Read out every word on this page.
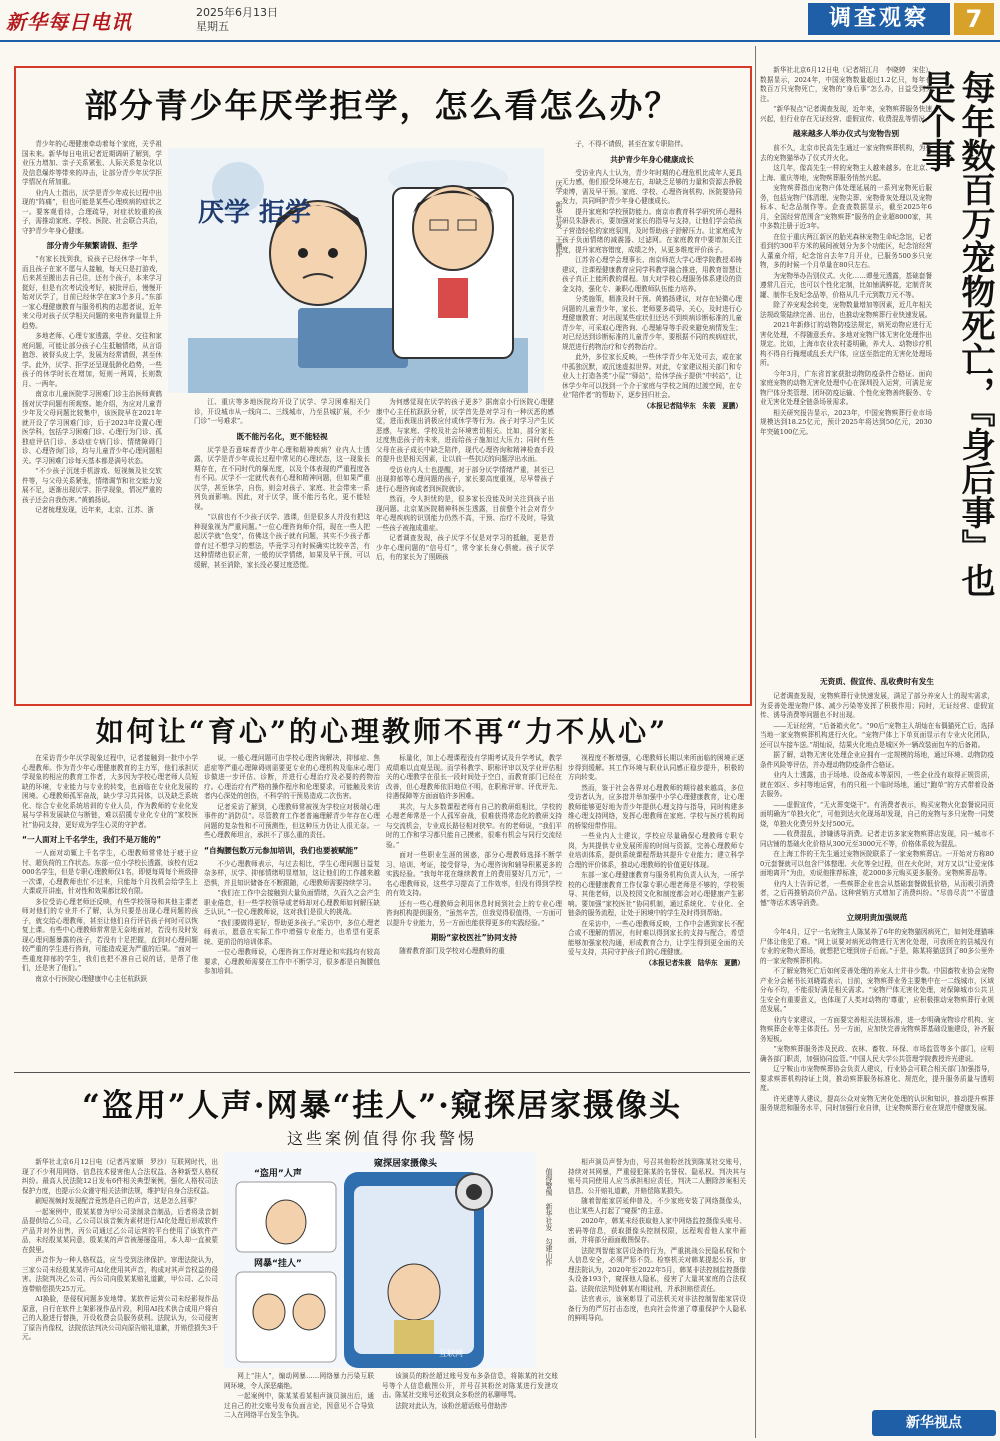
新华每日电讯	2025年6月13日
星期五	调查观察	7
部分青少年厌学拒学，怎么看怎么办？

青少年的心理健康牵动着每个家庭，关乎祖国未来。新华每日电讯记者近期调研了解到，学业压力增加、亲子关系紧张、人际关系复杂化以及信息爆炸等带来的冲击，让部分青少年厌学拒学情况有所加重。

业内人士指出，厌学是青少年成长过程中出现的“阵痛”，但也可能是某些心理疾病的症状之一。要客观看待，合理疏导，对症状较重的孩子，需推动家庭、学校、医院、社会联合共治，守护青少年身心健康。

部分青少年频繁请假、拒学

“有家长找到我，说孩子已经休学一年半，而且孩子在家不愿与人接触，每天只是打游戏，后来甚至搬出去自己住，还有个孩子，本来学习挺好，但是有次考试没考好，被批评后，慢慢开始对厌学了，目前已经休学在家3个多月。”东部一家心理健康教育与服务机构的志愿者说，近年来父母对孩子厌学相关问题的来电咨询量显上升趋势。

多地老师、心理专家透露，学业、交往和家庭问题，可能让部分孩子心生抵触情绪，从言语抱怨、被督头皮上学，发展为经常请假，甚至休学。此外，厌学、拒学还呈现低龄化趋势，一些孩子的休学时长在增加，短则一两周，长则数月、一两年。

南京市儿童医院学习困难门诊主治医师黄鹤扬对厌学问题有所观察。她介绍，为应对儿童青少年及父母问题比较集中，该医院早在2021年就开设了学习困难门诊，后于2023年设置心理医学科，包括学习困难门诊、心理行为门诊、孤独症评估门诊、多动症专病门诊、情绪障碍门诊、心理咨询门诊，均与儿童青少年心理问题相关。学习困难门诊每天基本都是满号状态。

“不少孩子沉迷手机游戏、短视频及社交软件等，与父母关系紧张，情绪调节和社交能力发展不足，逐渐出现厌学、拒学现象，情况严重的孩子还会自我伤害。”黄鹤扬说。

记者梳理发现，近年来，北京、江苏、浙

厌学 拒学	厌学　新华社发　王鹏作

江、重庆等多地医院均开设了厌学、学习困难相关门诊，开设城市从一线向二、三线城市，乃至县城扩展，不少门诊“一号难求”。

既不能污名化，更不能轻视

厌学是否意味着青少年心理和精神疾病？业内人士透露，厌学是青少年成长过程中常见的心理状态，这一现象长期存在，在不同时代的爆光度，以及个体表现的严重程度各有不同。厌学不一定就代表有心理和精神问题，但如果严重厌学，甚至休学，自伤，则会对孩子、家庭、社会带来一系列负面影响。因此，对于厌学，既不能污名化，更不能轻视。

“以前也有不少孩子厌学、逃课，但是很多人并没有把这种现象视为严重问题。”一位心理咨询师介绍，现在一些人把起厌学就“色变”，仿佛这个孩子就有问题，其实不少孩子都曾有过不想学习的想法，毕竟学习有时候确实比较辛苦，有这种情绪也很正常，一般的厌学情绪，如果及早干预，可以缓解，甚至消除，家长没必要过度恐慌。

为何感觉现在厌学的孩子更多？据南京小行医院心理健康中心主任杭跃跃分析，厌学首先是对学习有一种厌恶的感觉，进而表现出消极应付或休学等行为。孩子对学习产生厌恶感，与家庭、学校及社会环境密切相关。比如，部分家长过度焦虑孩子的未来，进而给孩子施加过大压力；同时有些父母在孩子成长中缺乏陪伴，现代心理咨询和精神检查手段的提升也是相关因素，让以前一些抗厌的问题浮出水面。

受访业内人士也提醒，对于部分厌学情绪严重，甚至已出现抑郁等心理问题的孩子，家长要高度重视，尽早带孩子进行心理咨询或者到医院就诊。

然而，令人担忧的是，很多家长没能及时关注到孩子出现问题。北京某医院精神科医生透露，目前整个社会对青少年心理疾病的识别能力仍然不高，干预、治疗不及时，导致一些孩子被拖成重症。

记者调查发现，孩子厌学不仅是对学习的抵触，更是青少年心理问题的“信号灯”，常令家长身心俱疲。孩子厌学后，有的家长为了照顾孩

子，不得不请假，甚至在家专职陪伴。

共护青少年身心健康成长

受访业内人士认为，青少年时期的心理危机比成年人更具无力感，他们很受环境左右，却缺乏足够的力量和资源去挣脱束缚，需及早干预。家庭、学校、心理咨询机构、医院要协同发力，共同呵护青少年身心健康成长。

提升家庭和学校预防能力。南京市教育科学研究所心理科研员朱静表示，要加强对家长的指导与支持，让他们学会给孩子营造轻松的家庭氛围，及时帮助孩子舒解压力。让家庭成为孩子负面情绪的减震器、过滤网。在家庭教育中要增加关注度，提升家庭容错度，成绩之外，从更多维度评价孩子。

江苏省心理学会理事长、南京师范大学心理学院教授邓铸建议，注课程健康教育应同学科教学融合推进，用教育智慧让孩子真正上能所教的课程。加大对学校心理服务体系建设的资金支持，强化专、兼职心理教师队伍能力培养。

分类施策，精准及时干预。黄鹤扬建议，对存在轻微心理问题的儿童青少年，家长、老师要多疏导、关心，及时进行心理健康教育；对出现某些症状但还达不到疾病诊断标准的儿童青少年，可采取心理咨询、心理辅导等手段来避免病情发生；对已经达到诊断标准的儿童青少年，要根据不同的疾病症状，规范进行药物治疗和专药物治疗。

此外，多位家长反映，一些休学青少年无处可去，或在家中孤独沉默，或沉迷虚拟世界。对此，专家建议相关部门和专业人士打造各类“小屋”“驿站”，给休学孩子提供“中转站”，让休学少年可以找到一个介于家庭与学校之间的过渡空间，在专业“陪伴者”的帮助下，逐步回归社会。

（本报记者陆华东　朱筱　夏鹏）
如何让“育心”的心理教师不再“力不从心”

在采访青少年厌学现象过程中，记者接触到一批中小学心理教师。作为青少年心理健康教育的主力军，他们承担厌学现象的相应的教育工作者，大多因为学校心理老师人员短缺的环境，专业能力与专业的转变，也面临在专业化发展的困境。心理教师孤军奋战，缺少学习共同体，以及缺乏系统化、综合专业化系统培训的专业人员，作为教师的专业化发展与学科发展缺位与断链，难以招揽专业化专业的“家校医社”协同支持，更好成为学生心灵的守护者。

“一人面对上千名学生，我们不是万能的”

一人面对动辄上千名学生，心理教师常常处于疲于应付、超负荷的工作状态。东部一位小学校长透露，该校有近2000名学生，但是专职心理教师仅1名，即便每周每个班级排一次课，心理教师也忙不过来，只能每个月找机会给学生上大课或开讲座，针对性和效果都比较有限。

多位受访心理老师还反映，有些学校领导和其他主课老师对他们的专业并不了解，认为只要是出现心理问题的孩子，就交给心理教师，甚至让他们自行评估孩子何时可以恢复上课。有些中心理教师常常是无奈地面对，若没有及时发现心理问题暴露的孩子，若没有十足把握，直到对心理问题较严重的学生进行咨询，可能造成更为严重的后果。“面对一些重度抑郁的学生，我们也把不准自己说的话，是帮了他们，还是害了他们。”

南京小行医院心理健康中心主任杭跃跃

说，一般心理问题可由学校心理咨询解决，抑郁症、焦虑症等严重心理障碍则需要更专业的心理机构及临床心理门诊做进一步评估、诊断，并进行心理治疗及必要的药物治疗。心理治疗有严格的操作程序和伦理要求，可能触及来访者内心深处的创伤，不科学的干预易造成二次伤害。

记者采访了解到，心理教师常被视为学校应对极端心理事件的“消防员”。尽管教育工作者普遍理解青少年存在心理问题的复杂性和不可预测性，但这种压力仍让人很无奈。一些心理教师坦言，承担不了那么重的责任。

“自掏腰包数万元参加培训，我们也要被赋能”

不少心理教师表示，与过去相比，学生心理问题日益复杂多样，厌学、抑郁情绪明显增加，这让他们的工作越来越恐惧，并且知识储备在不断跟随，心理教师需要持续学习。

“我们在工作中会接触到大量负面情绪，久而久之会产生职业倦怠，但一些学校领导或老师却对心理教师如何解压缺乏认识。”一位心理教师说，这对我们是很大的挑战。

“我们要做得更好，帮助更多孩子。”采访中，多位心理老师表示，愿意在实际工作中增强专业能力，也希望有更系统、更前沿的培训体系。

一位心理教师说，心理咨询工作对理论和实践均有较高要求，心理教师需要在工作中不断学习，很多都是自掏腰包参加培训。

标量化，加上心理课程没有学期考试及升学考试，教学成绩难以直观呈现。而学科教学、职称评审以及学业评估相关的心理教学在很长一段时间处于空白，而教育部门已经在改善，但心理教师依旧地位不明，在职称评审、评优评先、待遇保障等方面面临许多困难。

其次，与大多数课程老师有自己的教研组相比，学校的心理老师常是一个人孤军奋战，很难获得常态化的教研支持与交流机会，专业成长路径相对狭窄。有的老师说，“我们平时的工作和学习都只能自己摸索，很难有机会与同行交流经验。”

面对一些职业生涯的困惑，部分心理教师选择不断学习、培训、考证，接受督导，为心理咨询和辅导积累更多的实践经验。“我每年花在继续教育上的费用要好几万元”，一名心理教师说，这些学习提高了工作效率，但没有得到学校的有效支持。

还有一些心理教师会利用休息时间到社会上的专业心理咨询机构提供服务，“虽然辛苦，但我觉得很值得，一方面可以提升专业能力，另一方面也能获得更多的实践经验。”

期盼“家校医社”协同支持

随着教育部门及学校对心理教师的重

视程度不断增强，心理教师长期以来所面临的困境正逐步得到缓解。其工作环境与职业认同感正稳步提升，积极的方向转变。

然而，鉴于社会各界对心理教师的期待越来越高，多位受访者认为，应多措并举加强中小学心理健康教育，让心理教师能够更好地为青少年提供心理支持与指导，同时构建多维心理支持网络，发挥心理教师在家庭、学校与医疗机构间的桥梁纽带作用。

一些业内人士建议，学校应尽量确保心理教师专职专岗，为其提供专业发展所需的时间与资源，完善心理教师专业培训体系，提供系统课程帮助其提升专业能力；建立科学合理的评价体系，推动心理教师的价值更好体现。

东部一家心理健康教育与服务机构负责人认为，一所学校的心理健康教育工作仅靠专职心理老师是不够的，学校领导、其他老师，以及校园文化和制度都会对心理健康产生影响。要加强“家校医社”协同机制，通过系统化、专业化、全链条的服务流程，让处于困境中的学生及时得到帮助。

在采访中，一些心理教师反映，工作中会遇到家长不配合或不理解的情况，有时难以得到家长的支持与配合，希望能够加强家校沟通，形成教育合力，让学生得到更全面的关爱与支持，共同守护孩子们的心理健康。

（本报记者朱筱　陆华东　夏鹏）
“盗用”人声·网暴“挂人”·窥探居家摄像头
这些案例值得你我警惕

新华社北京6月12日电（记者冯家顺　罗沙）互联网时代，出现了不少利用网络、信息技术侵害他人合法权益、各种新型人格权纠纷。最高人民法院12日发布6件相关典型案例，强化人格权司法保护力度，也提示公众谨守相关法律法规，维护好自身合法权益。

刷短视频时发现配音竟然是自己的声音，这是怎么回事？

一起案例中，殷某某曾为甲公司录制录音制品，后者将录音制品提供给乙公司，乙公司以该音频为素材进行AI化处理后形成软件产品并对外出售，丙公司通过乙公司运营的平台使用了该软件产品，未经殷某某同意，殷某某的声音被屡屡盗用，本人却一直被蒙在鼓里。

声音作为一种人格权益，应当受到法律保护。审理法院认为，三家公司未经殷某某许可AI化使用其声音，构成对其声音权益的侵害。法院判决乙公司、丙公司向殷某某赔礼道歉，甲公司、乙公司连带赔偿损失25万元。

AI换脸，是侵权问题多发地带。某软件运营公司未经影视作品原意，自行在软件上架影视作品片段，利用AI技术供合成用户将自己的人脸进行替换，开设收费会员服务获利。法院认为，公司侵害了原告肖像权，法院依法判决公司向原告赔礼道歉，并赔偿损失3千元。

窥探居家摄像头
“盗用”人声
网暴“挂人”
互联网
值得警惕　新华社发　勾建山作

网上“挂人”，煽动网暴……网络暴力污染互联网环境，令人深恶痛绝。

一起案例中，陈某某看某相声演员演出后，通过自己的社交账号发布负面言论，因意见不合导致二人在网络平台发生争执。

该演员的粉丝超过账号发布多条信息，将陈某的社交账号等个人信息截图公开，并号召其粉丝对陈某进行发泄攻击。陈某社交账号还收到众多粉丝的私聊辱骂。

法院对此认为，该粉丝超话账号借助涉

相声演员声誉为由，号召其他粉丝找到陈某社交账号，持续对其网暴，严重侵犯陈某的名誉权、隐私权。判决其与账号共同使用人应当承担相应责任，判决二人删除涉案相关信息、公开赔礼道歉，并赔偿陈某损失。

随着智能家居延伸普及，不少家庭安装了网络摄像头，也让某些人打起了“窥探”的主意。

2020年，韩某未经获取他人家中网络监控摄像头账号、密码等信息，获取摄像头控制权限，远程观看他人家中画面，并将部分画面截图保存。

法院判智能家居设备的行为，严重挑战公民隐私权和个人信息安全，必须严惩不贷。检察机关对韩某提起公诉，审理法院认为，2020年至2022年5月，韩某非法控制监控摄像头设备193个，窥探他人隐私，侵害了大量其家庭的合法权益。法院依法判处韩某有期徒刑，并承担赔偿责任。

法官表示，该案彰显了司法机关对非法控制智能家居设备行为的严厉打击态度，也向社会传递了尊重保护个人隐私的鲜明导向。

每年数百万宠物死亡，『身后事』也是个事

新华社北京6月12日电（记者胡江月　李晓婷　宋佳）数据显示，2024年，中国宠物数量超过1.2亿只，每年有数百万只宠物死亡，宠物的“身后事”怎么办，日益受到关注。

“新华视点”记者调查发现，近年来，宠物殡葬服务快速兴起，但行业存在无证经营、虚假宣传、收费混乱等情况。

越来越多人举办仪式与宠物告别

前不久，北京市民高先生通过一家宠物殡葬机构，为死去的宠物猫举办了仪式并火化。

这几年，像高先生一样的宠物主人越来越多。在北京、上海、重庆等地，宠物殡葬服务悄然兴起。

宠物殡葬指由宠物户体处理延展的一系列宠物死后服务，包括宠物尸体清理、宠物尖葬、宠物骨灰处理以及宠物标本、纪念品制作等。企查查数据显示，截至2025年6月，全国经营范围含“宠物殡葬”服务的企业超8000家，其中多数注册于近3年。

在位于重庆两江新区的胎光森林宠物生命纪念馆，记者看到约300平方米的展间被划分为多个功能区，纪念馆经营人董童介绍，纪念馆自去年7月开业，已服务500多只宠物，多的时候一个月单量在80只左右。

为宠物举办告别仪式、火化……谭曼元透露，基础套餐遵常几百元，也可以个性化定制，比如铺满鲜花，定制青灰罐、制作毛发纪念品等，价格从几千元到数万元不等。

除了养宠观念转变，宠物数量增加等因素，近几年相关法规政策陆续完善、出台，也推动宠物殡葬行业快速发展。

2021年新修订的动物防疫法规定，病死动物应进行无害化处理，不得随意丢弃。多地对宠物尸体无害化处理作出规定。比如，上海市农业农村委明确，养犬人、动物诊疗机构不得自行掩埋或乱丢犬尸体，应送至指定的无害化处理场所。

今年3月，广东省首家获批动物防疫条件合格证、面向家庭宠物的动物无害化处理中心在深圳投入运营，可满足宠物尸体分类管理、团环防疫运输、个性化宠物善终服务、专业无害化处理全链条场景需求。

相关研究报告显示，2023年，中国宠物殡葬行业市场规模达到18.25亿元，预计2025年将达到50亿元，2030年突破100亿元。

无资质、假宣传、乱收费时有发生

记者调查发现，宠物殡葬行业快速发展，满足了部分养宠人士的现实需求，为妥善处理宠物尸体、减少污染等发挥了积极作用；同时，无证经营、虚假宣传、诱导消费等问题也不时出现。

——无证经营，“后备箱火化”。“90后”宠物主人胡灿在布偶猫死亡后，选择当地一家宠物殡葬机构进行火化。“宠物尸体上下单页面显示有专业火化团队，还可以车接车送。”胡灿说，结果火化地点是城区外一辆改装面包车的后备箱。

据了解，动物无害化处理企业应拥有一定规模的场地，通过环境、动物防疫条件风险等评估，并办理动物防疫条件合格证。

业内人士透露，由于场地、设备成本等原因，一些企业没有取得正规资质，就在郊区、乡村等地运营，有的只租一个临时场地，通过“跑单”的方式带着设备去服务。

——虚假宣传，“无火葬变烧干”。有消费者表示，购买宠物火化套餐说同页面明确为“单独火化”，可他到达火化现场却发现，自己的宠物与多只宠物一同焚烧，单独火化费另外支付500元。

——收费混乱，涉嫌诱导消费。记者走访多家宠物殡葬店发现，同一城市不同店铺的基础火化价格从300元至3000元不等，价格体系较为混乱。

在上海工作的王先生通过宠物医院联系了一家宠物殡葬店。一开始对方称800元套餐就可以包含尸体整理、火化等全过程，但在火化时，对方又以“让爱宠体面地离开”为由，劝说他推荐标准，花2000多元购买更多服务。宠物殡葬品等。

业内人士告诉记者，一些殡葬企业也会从基础套餐做低价格，从而吸引消费者，之后再推销高价产品。这种营销方式增加了消费纠纷。“尽兽尽责”“不留遗憾”等话术诱导消费。

立规明责加强规范

今年4月，辽宁一名宠物主人陈某养了6年的宠物猫因病死亡，如何处理猫咪尸体让他犯了难。“网上说要对病死动物进行无害化处理，可我所在的县城没有专业的宠物火葬场，就想把它埋到房子后面。”于是，陈某将猫送到了80多公里外的一家宠物殡葬机构。

不了解宠物死亡后如何妥善处理的养宠人士并非少数。中国畜牧业协会宠物产业分会秘书长刘晓霞表示，目前，宠物殡葬业务主要集中在一二线城市，区域分布不均，不能很好满足相关需求。“宠物尸体无害化处理，对保障城市公共卫生安全有重要意义，也体现了人类对动物的‘尊重’，应积极推动宠物殡葬行业规范发展。”

业内专家建议，一方面要完善相关法规标准，进一步明确宠物诊疗机构、宠物殡葬企业等主体责任。另一方面，应加快完善宠物殡葬基础设施建设，补齐服务短板。

“宠物殡葬服务涉及民政、农林、畜牧、环保、市场监管等多个部门，应明确各部门职责，加强协同监管。”中国人民大学公共管理学院教授许光建说。

辽宁鞍山市宠物殡葬协会负责人建议，行业协会可联合相关部门加强指导，要求殡葬机构持证上岗，推动殡葬服务标准化、规范化，提升服务质量与透明度。

许光建等人建议，提高公众对宠物无害化处理的认识和知识，推动提升殡葬服务规范和服务水平，同时加强行业自律，让宠物殡葬行业在规范中健康发展。

新华视点
